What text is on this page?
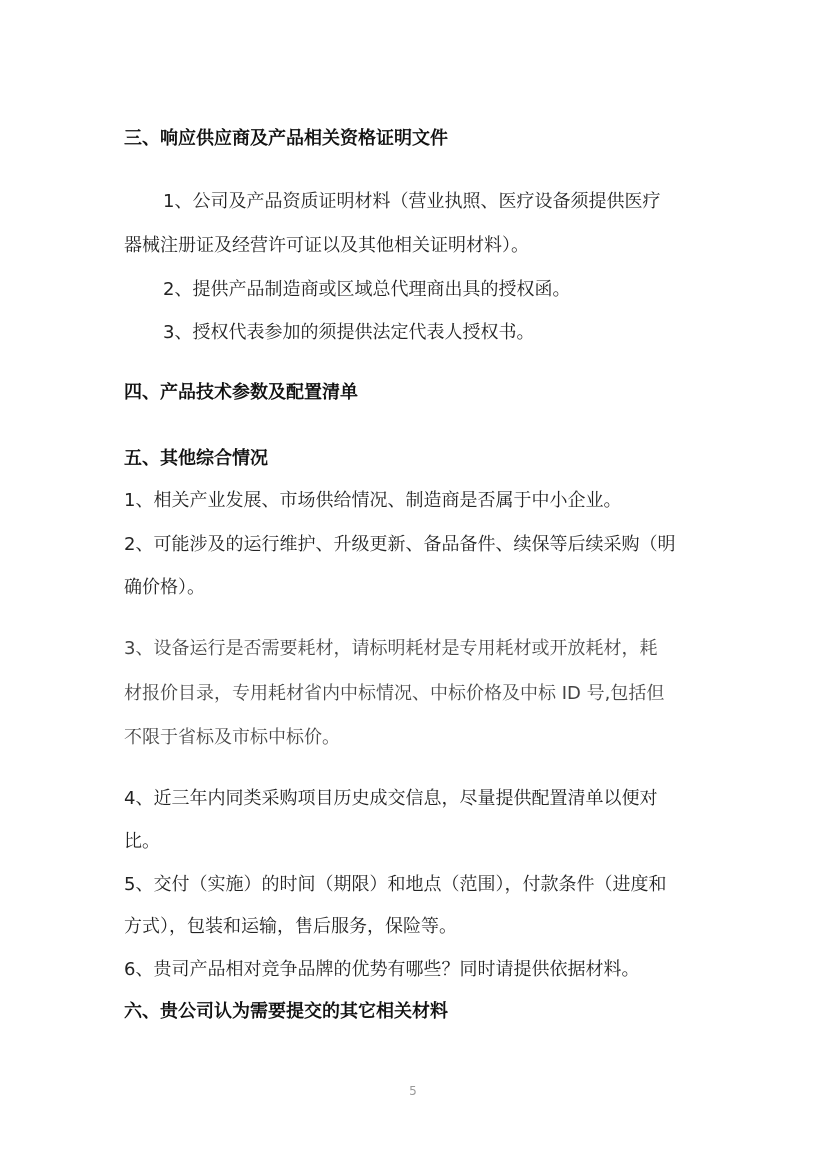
三、响应供应商及产品相关资格证明文件
1、公司及产品资质证明材料（营业执照、医疗设备须提供医疗
器械注册证及经营许可证以及其他相关证明材料）。
2、提供产品制造商或区域总代理商出具的授权函。
3、授权代表参加的须提供法定代表人授权书。
四、产品技术参数及配置清单
五、其他综合情况
1、相关产业发展、市场供给情况、制造商是否属于中小企业。
2、可能涉及的运行维护、升级更新、备品备件、续保等后续采购（明
确价格）。
3、设备运行是否需要耗材，请标明耗材是专用耗材或开放耗材，耗
材报价目录，专用耗材省内中标情况、中标价格及中标 ID 号,包括但
不限于省标及市标中标价。
4、近三年内同类采购项目历史成交信息，尽量提供配置清单以便对
比。
5、交付（实施）的时间（期限）和地点（范围），付款条件（进度和
方式），包装和运输，售后服务，保险等。
6、贵司产品相对竞争品牌的优势有哪些？同时请提供依据材料。
六、贵公司认为需要提交的其它相关材料
5
